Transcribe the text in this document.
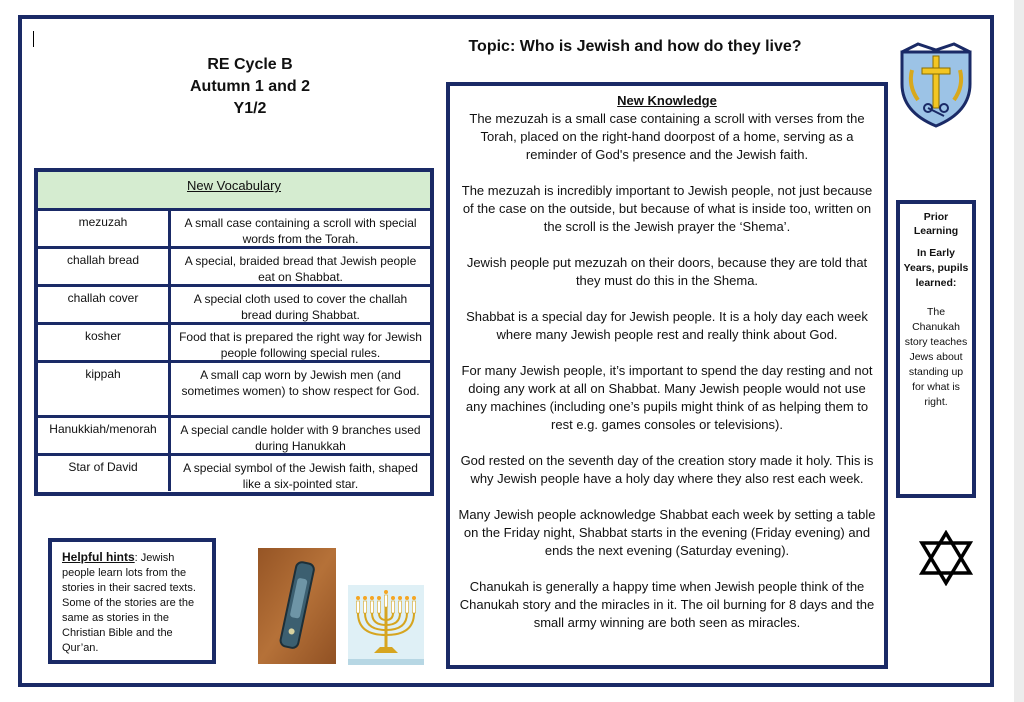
RE Cycle B
Autumn 1 and 2
Y1/2
Topic: Who is Jewish and how do they live?
New Vocabulary
mezuzah	A small case containing a scroll with special words from the Torah.
challah bread	A special, braided bread that Jewish people eat on Shabbat.
challah cover	A special cloth used to cover the challah bread during Shabbat.
kosher	Food that is prepared the right way for Jewish people following special rules.
kippah	A small cap worn by Jewish men (and sometimes women) to show respect for God.
Hanukkiah/menorah	A special candle holder with 9 branches used during Hanukkah
Star of David	A special symbol of the Jewish faith, shaped like a six-pointed star.
New Knowledge

The mezuzah is a small case containing a scroll with verses from the Torah, placed on the right-hand doorpost of a home, serving as a reminder of God's presence and the Jewish faith.

The mezuzah is incredibly important to Jewish people, not just because of the case on the outside, but because of what is inside too, written on the scroll is the Jewish prayer the ‘Shema’.

Jewish people put mezuzah on their doors, because they are told that they must do this in the Shema.

Shabbat is a special day for Jewish people. It is a holy day each week where many Jewish people rest and really think about God.

For many Jewish people, it’s important to spend the day resting and not doing any work at all on Shabbat. Many Jewish people would not use any machines (including one’s pupils might think of as helping them to rest e.g. games consoles or televisions).

God rested on the seventh day of the creation story made it holy. This is why Jewish people have a holy day where they also rest each week.

Many Jewish people acknowledge Shabbat each week by setting a table on the Friday night, Shabbat starts in the evening (Friday evening) and ends the next evening (Saturday evening).

Chanukah is generally a happy time when Jewish people think of the Chanukah story and the miracles in it. The oil burning for 8 days and the small army winning are both seen as miracles.

Prior Learning
In Early Years, pupils learned:
The Chanukah story teaches Jews about standing up for what is right.
Helpful hints: Jewish people learn lots from the stories in their sacred texts. Some of the stories are the same as stories in the Christian Bible and the Qur’an.
